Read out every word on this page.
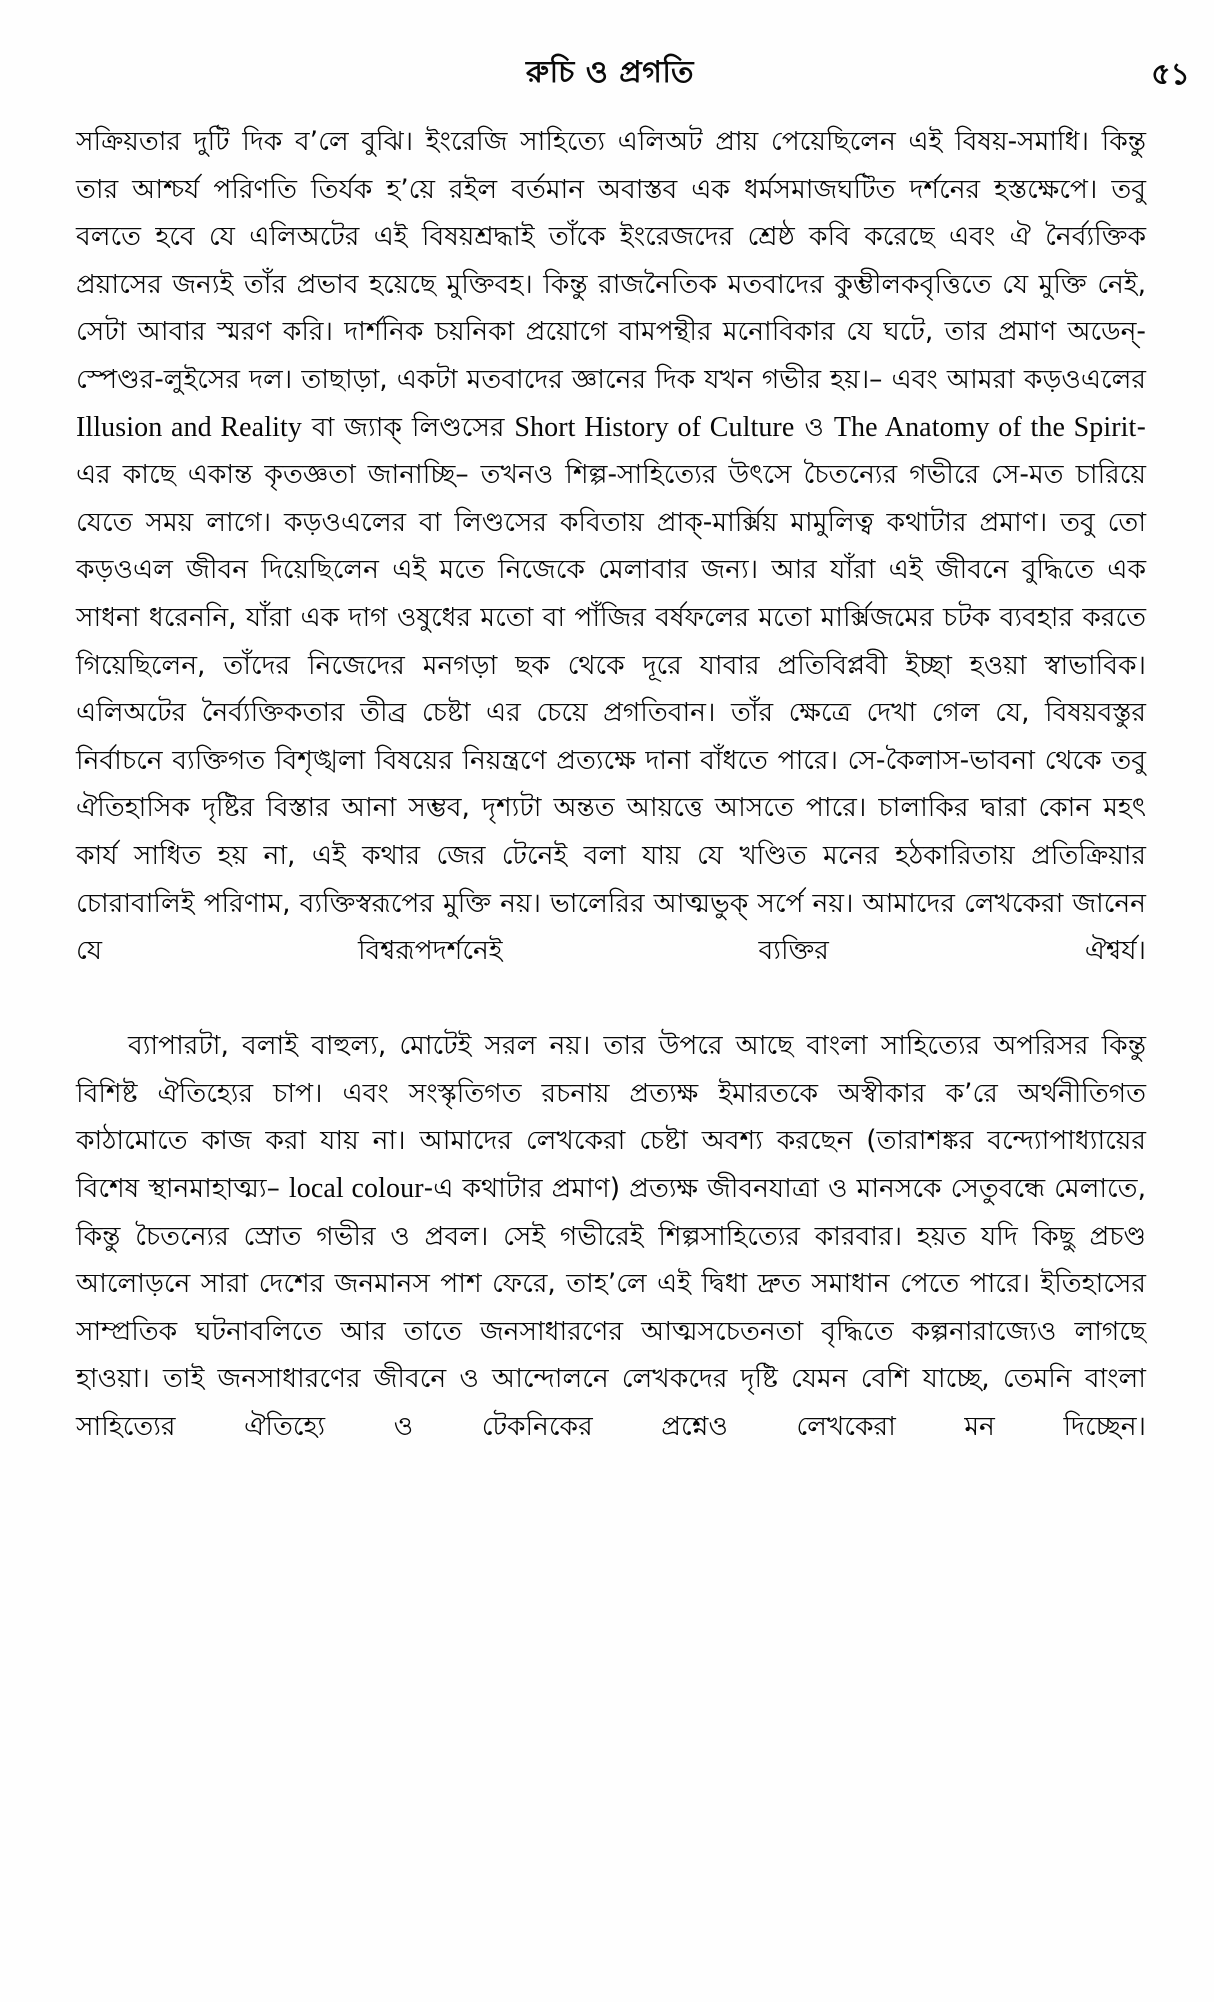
রুচি ও প্রগতি	৫১

সক্রিয়তার দুটি দিক ব’লে বুঝি। ইংরেজি সাহিত্যে এলিঅট প্রায় পেয়েছিলেন এই বিষয়-সমাধি। কিন্তু তার আশ্চর্য পরিণতি তির্যক হ’য়ে রইল বর্তমান অবাস্তব এক ধর্মসমাজঘটিত দর্শনের হস্তক্ষেপে। তবু বলতে হবে যে এলিঅটের এই বিষয়শ্রদ্ধাই তাঁকে ইংরেজদের শ্রেষ্ঠ কবি করেছে এবং ঐ নৈর্ব্যক্তিক প্রয়াসের জন্যই তাঁর প্রভাব হয়েছে মুক্তিবহ। কিন্তু রাজনৈতিক মতবাদের কুম্ভীলকবৃত্তিতে যে মুক্তি নেই, সেটা আবার স্মরণ করি। দার্শনিক চয়নিকা প্রয়োগে বামপন্থীর মনোবিকার যে ঘটে, তার প্রমাণ অডেন্-স্পেণ্ডর-লুইসের দল। তাছাড়া, একটা মতবাদের জ্ঞানের দিক যখন গভীর হয়।– এবং আমরা কড়ওএলের Illusion and Reality বা জ্যাক্ লিণ্ডসের Short History of Culture ও The Anatomy of the Spirit-এর কাছে একান্ত কৃতজ্ঞতা জানাচ্ছি– তখনও শিল্প-সাহিত্যের উৎসে চৈতন্যের গভীরে সে-মত চারিয়ে যেতে সময় লাগে। কড়ওএলের বা লিণ্ডসের কবিতায় প্রাক্-মার্ক্সিয় মামুলিত্ব কথাটার প্রমাণ। তবু তো কড়ওএল জীবন দিয়েছিলেন এই মতে নিজেকে মেলাবার জন্য। আর যাঁরা এই জীবনে বুদ্ধিতে এক সাধনা ধরেননি, যাঁরা এক দাগ ওষুধের মতো বা পাঁজির বর্ষফলের মতো মার্ক্সিজমের চটক ব্যবহার করতে গিয়েছিলেন, তাঁদের নিজেদের মনগড়া ছক থেকে দূরে যাবার প্রতিবিপ্লবী ইচ্ছা হওয়া স্বাভাবিক। এলিঅটের নৈর্ব্যক্তিকতার তীব্র চেষ্টা এর চেয়ে প্রগতিবান। তাঁর ক্ষেত্রে দেখা গেল যে, বিষয়বস্তুর নির্বাচনে ব্যক্তিগত বিশৃঙ্খলা বিষয়ের নিয়ন্ত্রণে প্রত্যক্ষে দানা বাঁধতে পারে। সে-কৈলাস-ভাবনা থেকে তবু ঐতিহাসিক দৃষ্টির বিস্তার আনা সম্ভব, দৃশ্যটা অন্তত আয়ত্তে আসতে পারে। চালাকির দ্বারা কোন মহৎ কার্য সাধিত হয় না, এই কথার জের টেনেই বলা যায় যে খণ্ডিত মনের হঠকারিতায় প্রতিক্রিয়ার চোরাবালিই পরিণাম, ব্যক্তিস্বরূপের মুক্তি নয়। ভালেরির আত্মভুক্ সর্পে নয়। আমাদের লেখকেরা জানেন যে বিশ্বরূপদর্শনেই ব্যক্তির ঐশ্বর্য।

ব্যাপারটা, বলাই বাহুল্য, মোটেই সরল নয়। তার উপরে আছে বাংলা সাহিত্যের অপরিসর কিন্তু বিশিষ্ট ঐতিহ্যের চাপ। এবং সংস্কৃতিগত রচনায় প্রত্যক্ষ ইমারতকে অস্বীকার ক’রে অর্থনীতিগত কাঠামোতে কাজ করা যায় না। আমাদের লেখকেরা চেষ্টা অবশ্য করছেন (তারাশঙ্কর বন্দ্যোপাধ্যায়ের বিশেষ স্থানমাহাত্ম্য– local colour-এ কথাটার প্রমাণ) প্রত্যক্ষ জীবনযাত্রা ও মানসকে সেতুবন্ধে মেলাতে, কিন্তু চৈতন্যের স্রোত গভীর ও প্রবল। সেই গভীরেই শিল্পসাহিত্যের কারবার। হয়ত যদি কিছু প্রচণ্ড আলোড়নে সারা দেশের জনমানস পাশ ফেরে, তাহ’লে এই দ্বিধা দ্রুত সমাধান পেতে পারে। ইতিহাসের সাম্প্রতিক ঘটনাবলিতে আর তাতে জনসাধারণের আত্মসচেতনতা বৃদ্ধিতে কল্পনারাজ্যেও লাগছে হাওয়া। তাই জনসাধারণের জীবনে ও আন্দোলনে লেখকদের দৃষ্টি যেমন বেশি যাচ্ছে, তেমনি বাংলা সাহিত্যের ঐতিহ্যে ও টেকনিকের প্রশ্নেও লেখকেরা মন দিচ্ছেন।
